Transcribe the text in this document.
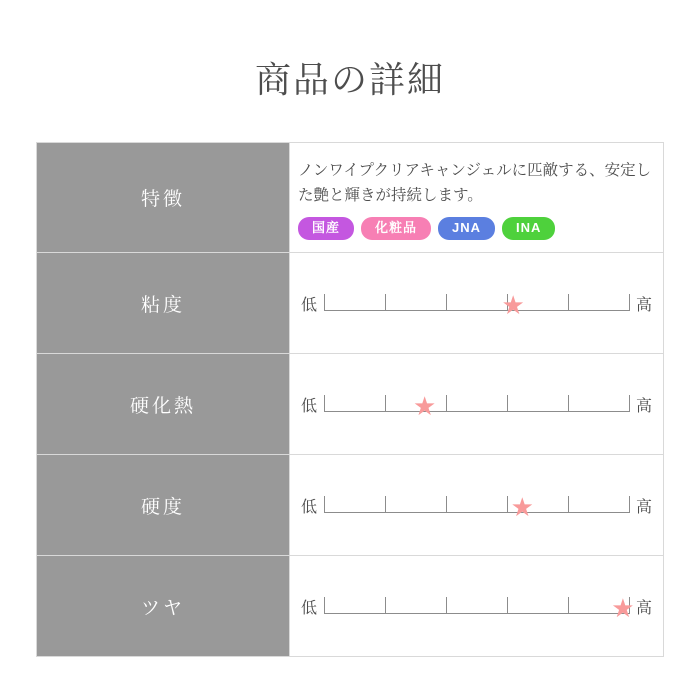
商品の詳細
特徴	ノンワイプクリアキャンジェルに匹敵する、安定した艶と輝きが持続します。
国産 化粧品 JNA INA

粘度	低 ★ 高

硬化熱	低 ★ 高

硬度	低 ★ 高

ツヤ	低 ★ 高
